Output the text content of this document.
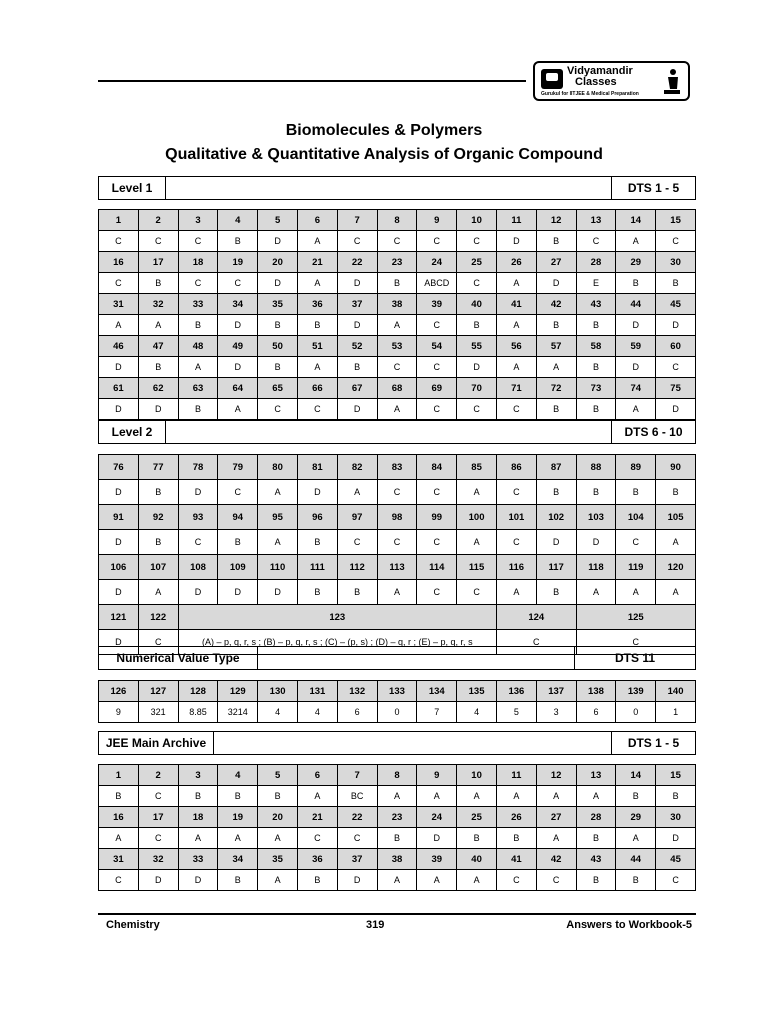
Vidyamandir
Classes
Gurukul for IITJEE & Medical Preparation
Biomolecules & Polymers
Qualitative & Quantitative Analysis of Organic Compound
Level 1	DTS 1 - 5
1	2	3	4	5	6	7	8	9	10	11	12	13	14	15
C	C	C	B	D	A	C	C	C	C	D	B	C	A	C
16	17	18	19	20	21	22	23	24	25	26	27	28	29	30
C	B	C	C	D	A	D	B	ABCD	C	A	D	E	B	B
31	32	33	34	35	36	37	38	39	40	41	42	43	44	45
A	A	B	D	B	B	D	A	C	B	A	B	B	D	D
46	47	48	49	50	51	52	53	54	55	56	57	58	59	60
D	B	A	D	B	A	B	C	C	D	A	A	B	D	C
61	62	63	64	65	66	67	68	69	70	71	72	73	74	75
D	D	B	A	C	C	D	A	C	C	C	B	B	A	D
Level 2	DTS 6 - 10
76	77	78	79	80	81	82	83	84	85	86	87	88	89	90
D	B	D	C	A	D	A	C	C	A	C	B	B	B	B
91	92	93	94	95	96	97	98	99	100	101	102	103	104	105
D	B	C	B	A	B	C	C	C	A	C	D	D	C	A
106	107	108	109	110	111	112	113	114	115	116	117	118	119	120
D	A	D	D	D	B	B	A	C	C	A	B	A	A	A
121	122	123								124		125		
D	C	(A) – p, q, r, s ; (B) – p, q, r, s ; (C) – (p, s) ; (D) – q, r ; (E) – p, q, r, s								C		C		
Numerical Value Type	DTS 11
126	127	128	129	130	131	132	133	134	135	136	137	138	139	140
9	321	8.85	3214	4	4	6	0	7	4	5	3	6	0	1
JEE Main Archive	DTS 1 - 5
1	2	3	4	5	6	7	8	9	10	11	12	13	14	15
B	C	B	B	B	A	BC	A	A	A	A	A	A	B	B
16	17	18	19	20	21	22	23	24	25	26	27	28	29	30
A	C	A	A	A	C	C	B	D	B	B	A	B	A	D
31	32	33	34	35	36	37	38	39	40	41	42	43	44	45
C	D	D	B	A	B	D	A	A	A	C	C	B	B	C
Chemistry	319	Answers to Workbook-5
